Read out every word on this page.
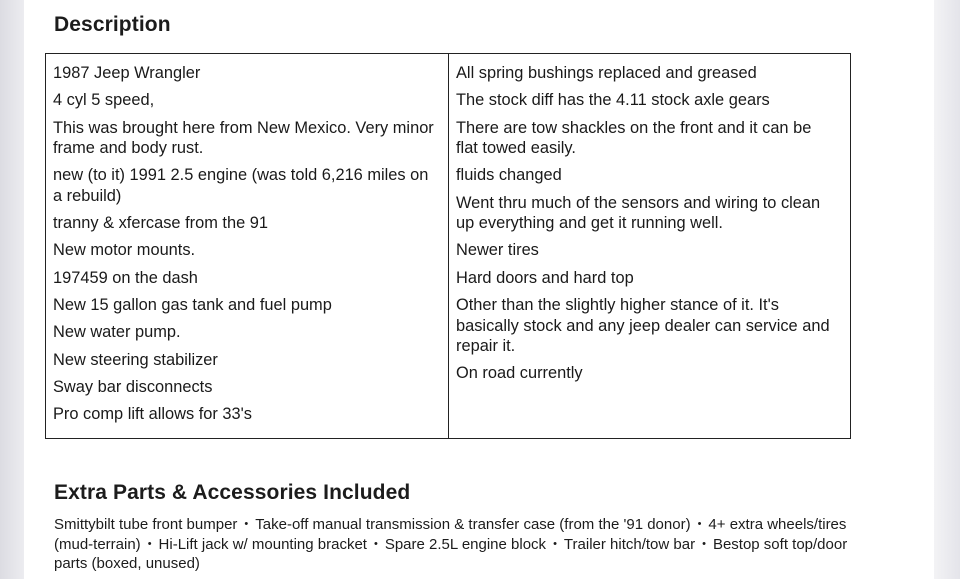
Description
1987 Jeep Wrangler
4 cyl 5 speed,
This was brought here from New Mexico. Very minor frame and body rust.
new (to it) 1991 2.5 engine (was told 6,216 miles on a rebuild)
tranny & xfercase from the 91
New motor mounts.
197459 on the dash
New 15 gallon gas tank and fuel pump
New water pump.
New steering stabilizer
Sway bar disconnects
Pro comp lift allows for 33's
All spring bushings replaced and greased
The stock diff has the 4.11 stock axle gears
There are tow shackles on the front and it can be flat towed easily.
fluids changed
Went thru much of the sensors and wiring to clean up everything and get it running well.
Newer tires
Hard doors and hard top
Other than the slightly higher stance of it. It's basically stock and any jeep dealer can service and repair it.
On road currently
Extra Parts & Accessories Included
Smittybilt tube front bumper • Take-off manual transmission & transfer case (from the '91 donor) • 4+ extra wheels/tires (mud-terrain) • Hi-Lift jack w/ mounting bracket • Spare 2.5L engine block • Trailer hitch/tow bar • Bestop soft top/door parts (boxed, unused)
